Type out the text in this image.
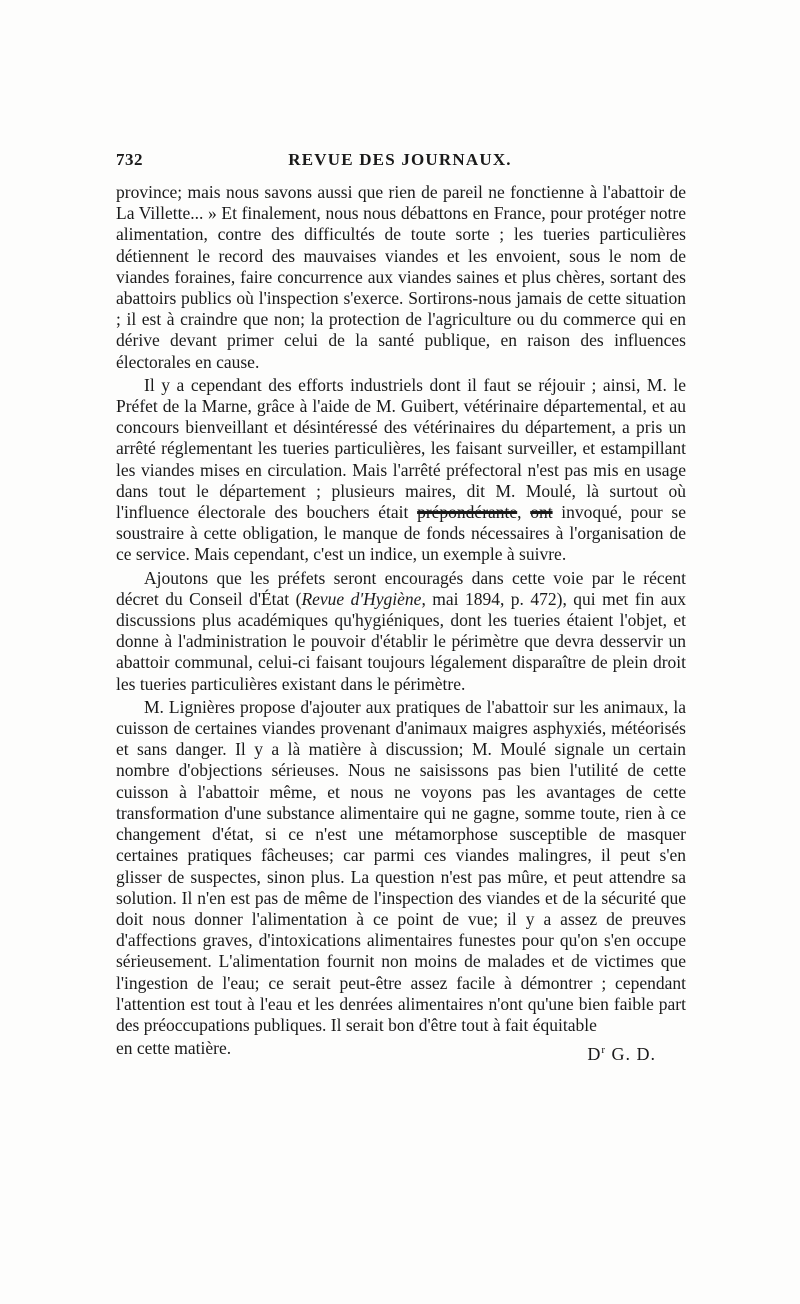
732	REVUE DES JOURNAUX.

province; mais nous savons aussi que rien de pareil ne fonctienne à l'abattoir de La Villette... » Et finalement, nous nous débattons en France, pour protéger notre alimentation, contre des difficultés de toute sorte ; les tueries particulières détiennent le record des mauvaises viandes et les envoient, sous le nom de viandes foraines, faire concurrence aux viandes saines et plus chères, sortant des abattoirs publics où l'inspection s'exerce. Sortirons-nous jamais de cette situation ; il est à craindre que non; la protection de l'agriculture ou du commerce qui en dérive devant primer celui de la santé publique, en raison des influences électorales en cause.

Il y a cependant des efforts industriels dont il faut se réjouir ; ainsi, M. le Préfet de la Marne, grâce à l'aide de M. Guibert, vétérinaire départemental, et au concours bienveillant et désintéressé des vétérinaires du département, a pris un arrêté réglementant les tueries particulières, les faisant surveiller, et estampillant les viandes mises en circulation. Mais l'arrêté préfectoral n'est pas mis en usage dans tout le département ; plusieurs maires, dit M. Moulé, là surtout où l'influence électorale des bouchers était prépondérante, ont invoqué, pour se soustraire à cette obligation, le manque de fonds nécessaires à l'organisation de ce service. Mais cependant, c'est un indice, un exemple à suivre.

Ajoutons que les préfets seront encouragés dans cette voie par le récent décret du Conseil d'État (Revue d'Hygiène, mai 1894, p. 472), qui met fin aux discussions plus académiques qu'hygiéniques, dont les tueries étaient l'objet, et donne à l'administration le pouvoir d'établir le périmètre que devra desservir un abattoir communal, celui-ci faisant toujours légalement disparaître de plein droit les tueries particulières existant dans le périmètre.

M. Lignières propose d'ajouter aux pratiques de l'abattoir sur les animaux, la cuisson de certaines viandes provenant d'animaux maigres asphyxiés, météorisés et sans danger. Il y a là matière à discussion; M. Moulé signale un certain nombre d'objections sérieuses. Nous ne saisissons pas bien l'utilité de cette cuisson à l'abattoir même, et nous ne voyons pas les avantages de cette transformation d'une substance alimentaire qui ne gagne, somme toute, rien à ce changement d'état, si ce n'est une métamorphose susceptible de masquer certaines pratiques fâcheuses; car parmi ces viandes malingres, il peut s'en glisser de suspectes, sinon plus. La question n'est pas mûre, et peut attendre sa solution. Il n'en est pas de même de l'inspection des viandes et de la sécurité que doit nous donner l'alimentation à ce point de vue; il y a assez de preuves d'affections graves, d'intoxications alimentaires funestes pour qu'on s'en occupe sérieusement. L'alimentation fournit non moins de malades et de victimes que l'ingestion de l'eau; ce serait peut-être assez facile à démontrer ; cependant l'attention est tout à l'eau et les denrées alimentaires n'ont qu'une bien faible part des préoccupations publiques. Il serait bon d'être tout à fait équitable

en cette matière.	$D^r$ G. D.
